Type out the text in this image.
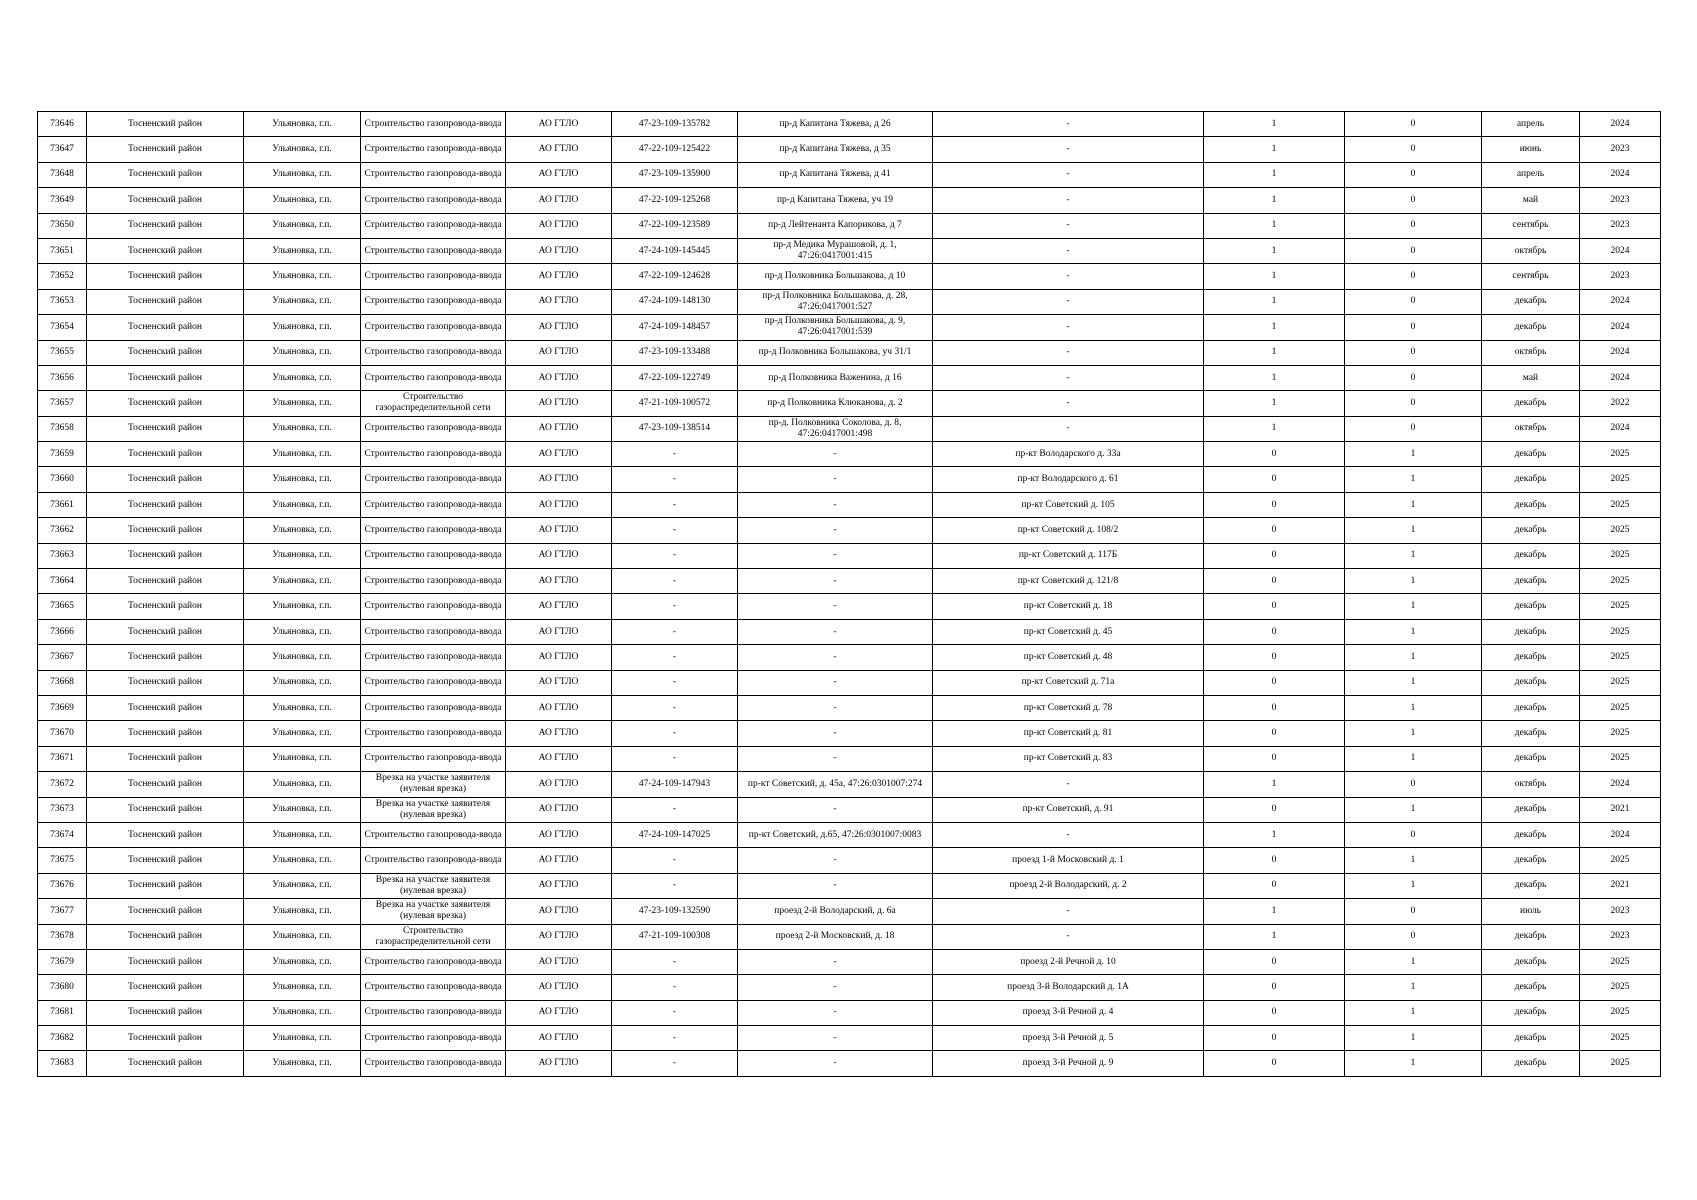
73646	Тосненский район	Ульяновка, г.п.	Строительство газопровода-ввода	АО ГТЛО	47-23-109-135782	пр-д Капитана Тяжева, д 26	-	1	0	апрель	2024
73647	Тосненский район	Ульяновка, г.п.	Строительство газопровода-ввода	АО ГТЛО	47-22-109-125422	пр-д Капитана Тяжева, д 35	-	1	0	июнь	2023
73648	Тосненский район	Ульяновка, г.п.	Строительство газопровода-ввода	АО ГТЛО	47-23-109-135900	пр-д Капитана Тяжева, д 41	-	1	0	апрель	2024
73649	Тосненский район	Ульяновка, г.п.	Строительство газопровода-ввода	АО ГТЛО	47-22-109-125268	пр-д Капитана Тяжева, уч 19	-	1	0	май	2023
73650	Тосненский район	Ульяновка, г.п.	Строительство газопровода-ввода	АО ГТЛО	47-22-109-123589	пр-д Лейтенанта Капорикова, д 7	-	1	0	сентябрь	2023
73651	Тосненский район	Ульяновка, г.п.	Строительство газопровода-ввода	АО ГТЛО	47-24-109-145445	пр-д Медика Мурашовой, д. 1, 47:26:0417001:415	-	1	0	октябрь	2024
73652	Тосненский район	Ульяновка, г.п.	Строительство газопровода-ввода	АО ГТЛО	47-22-109-124628	пр-д Полковника Большакова, д 10	-	1	0	сентябрь	2023
73653	Тосненский район	Ульяновка, г.п.	Строительство газопровода-ввода	АО ГТЛО	47-24-109-148130	пр-д Полковника Большакова, д. 28, 47:26:0417001:527	-	1	0	декабрь	2024
73654	Тосненский район	Ульяновка, г.п.	Строительство газопровода-ввода	АО ГТЛО	47-24-109-148457	пр-д Полковника Большакова, д. 9, 47:26:0417001:539	-	1	0	декабрь	2024
73655	Тосненский район	Ульяновка, г.п.	Строительство газопровода-ввода	АО ГТЛО	47-23-109-133488	пр-д Полковника Большакова, уч 31/1	-	1	0	октябрь	2024
73656	Тосненский район	Ульяновка, г.п.	Строительство газопровода-ввода	АО ГТЛО	47-22-109-122749	пр-д Полковника Важенина, д 16	-	1	0	май	2024
73657	Тосненский район	Ульяновка, г.п.	Строительство газораспределительной сети	АО ГТЛО	47-21-109-100572	пр-д Полковника Клюканова, д. 2	-	1	0	декабрь	2022
73658	Тосненский район	Ульяновка, г.п.	Строительство газопровода-ввода	АО ГТЛО	47-23-109-138514	пр-д. Полковника Соколова, д. 8, 47:26:0417001:498	-	1	0	октябрь	2024
73659	Тосненский район	Ульяновка, г.п.	Строительство газопровода-ввода	АО ГТЛО	-	-	пр-кт Володарского д. 33а	0	1	декабрь	2025
73660	Тосненский район	Ульяновка, г.п.	Строительство газопровода-ввода	АО ГТЛО	-	-	пр-кт Володарского д. 61	0	1	декабрь	2025
73661	Тосненский район	Ульяновка, г.п.	Строительство газопровода-ввода	АО ГТЛО	-	-	пр-кт Советский д. 105	0	1	декабрь	2025
73662	Тосненский район	Ульяновка, г.п.	Строительство газопровода-ввода	АО ГТЛО	-	-	пр-кт Советский д. 108/2	0	1	декабрь	2025
73663	Тосненский район	Ульяновка, г.п.	Строительство газопровода-ввода	АО ГТЛО	-	-	пр-кт Советский д. 117Б	0	1	декабрь	2025
73664	Тосненский район	Ульяновка, г.п.	Строительство газопровода-ввода	АО ГТЛО	-	-	пр-кт Советский д. 121/8	0	1	декабрь	2025
73665	Тосненский район	Ульяновка, г.п.	Строительство газопровода-ввода	АО ГТЛО	-	-	пр-кт Советский д. 18	0	1	декабрь	2025
73666	Тосненский район	Ульяновка, г.п.	Строительство газопровода-ввода	АО ГТЛО	-	-	пр-кт Советский д. 45	0	1	декабрь	2025
73667	Тосненский район	Ульяновка, г.п.	Строительство газопровода-ввода	АО ГТЛО	-	-	пр-кт Советский д. 48	0	1	декабрь	2025
73668	Тосненский район	Ульяновка, г.п.	Строительство газопровода-ввода	АО ГТЛО	-	-	пр-кт Советский д. 71а	0	1	декабрь	2025
73669	Тосненский район	Ульяновка, г.п.	Строительство газопровода-ввода	АО ГТЛО	-	-	пр-кт Советский д. 78	0	1	декабрь	2025
73670	Тосненский район	Ульяновка, г.п.	Строительство газопровода-ввода	АО ГТЛО	-	-	пр-кт Советский д. 81	0	1	декабрь	2025
73671	Тосненский район	Ульяновка, г.п.	Строительство газопровода-ввода	АО ГТЛО	-	-	пр-кт Советский д. 83	0	1	декабрь	2025
73672	Тосненский район	Ульяновка, г.п.	Врезка на участке заявителя (нулевая врезка)	АО ГТЛО	47-24-109-147943	пр-кт Советский, д. 45а, 47:26:0301007:274	-	1	0	октябрь	2024
73673	Тосненский район	Ульяновка, г.п.	Врезка на участке заявителя (нулевая врезка)	АО ГТЛО	-	-	пр-кт Советский, д. 91	0	1	декабрь	2021
73674	Тосненский район	Ульяновка, г.п.	Строительство газопровода-ввода	АО ГТЛО	47-24-109-147025	пр-кт Советский, д.65, 47:26:0301007:0083	-	1	0	декабрь	2024
73675	Тосненский район	Ульяновка, г.п.	Строительство газопровода-ввода	АО ГТЛО	-	-	проезд 1-й Московский д. 1	0	1	декабрь	2025
73676	Тосненский район	Ульяновка, г.п.	Врезка на участке заявителя (нулевая врезка)	АО ГТЛО	-	-	проезд 2-й Володарский, д. 2	0	1	декабрь	2021
73677	Тосненский район	Ульяновка, г.п.	Врезка на участке заявителя (нулевая врезка)	АО ГТЛО	47-23-109-132590	проезд 2-й Володарский, д. 6а	-	1	0	июль	2023
73678	Тосненский район	Ульяновка, г.п.	Строительство газораспределительной сети	АО ГТЛО	47-21-109-100308	проезд 2-й Московский, д. 18	-	1	0	декабрь	2023
73679	Тосненский район	Ульяновка, г.п.	Строительство газопровода-ввода	АО ГТЛО	-	-	проезд 2-й Речной д. 10	0	1	декабрь	2025
73680	Тосненский район	Ульяновка, г.п.	Строительство газопровода-ввода	АО ГТЛО	-	-	проезд 3-й Володарский д. 1А	0	1	декабрь	2025
73681	Тосненский район	Ульяновка, г.п.	Строительство газопровода-ввода	АО ГТЛО	-	-	проезд 3-й Речной д. 4	0	1	декабрь	2025
73682	Тосненский район	Ульяновка, г.п.	Строительство газопровода-ввода	АО ГТЛО	-	-	проезд 3-й Речной д. 5	0	1	декабрь	2025
73683	Тосненский район	Ульяновка, г.п.	Строительство газопровода-ввода	АО ГТЛО	-	-	проезд 3-й Речной д. 9	0	1	декабрь	2025
